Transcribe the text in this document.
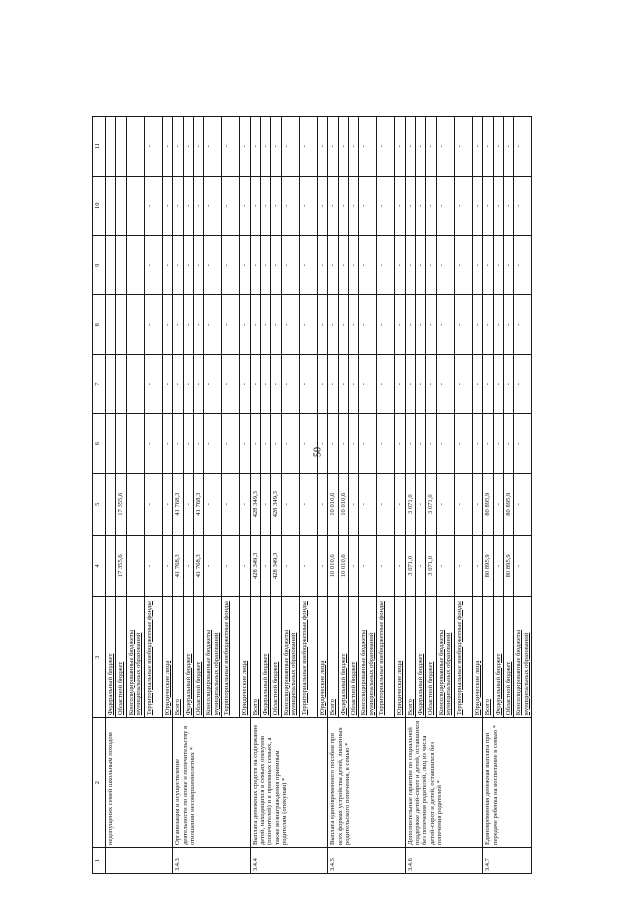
50
1	2	3	4	5	6	7	8	9	10	11
	недопущених семей школьным походом	Федеральный бюджет								
		Областной бюджет	17 355,6	17 355,6						
		Консолидированные бюджеты муниципальных образований								
		Территориальные внебюджетные фонды	-	-	-	-	-	-	-	-
		Юридические лица	-	-	-	-	-	-	-	-
3.4.3	Организация и осуществление деятельности по опеке и попечительству в отношении несовершеннолетних *	Всего	41 768,3	41 768,3	-	-	-	-	-	-
		Федеральный бюджет	-	-	-	-	-	-	-	-
		Областной бюджет	41 768,3	41 768,3	-	-	-	-	-	-
		Консолидированные бюджеты муниципальных образований	-	-	-	-	-	-	-	-
		Территориальные внебюджетные фонды	-	-	-	-	-	-	-	-
		Юридические лица	-	-	-	-	-	-	-	-
3.4.4	Выплата денежных средств на содержание детей, находящихся в семьях опекунов (попечителей) и в приемных семьях, а также вознаграждения приемным родителям (опекунам) *	Всего	428 349,3	428 349,3	-	-	-	-	-	-
		Федеральный бюджет	-	-	-	-	-	-	-	-
		Областной бюджет	428 349,3	428 349,3	-	-	-	-	-	-
		Консолидированные бюджеты муниципальных образований	-	-	-	-	-	-	-	-
		Территориальные внебюджетные фонды	-	-	-	-	-	-	-	-
		Юридические лица	-	-	-	-	-	-	-	-
3.4.5	Выплата единовременного пособия при всех формах устройства детей, лишенных родительского попечения, в семью *	Всего	10 010,6	10 010,6	-	-	-	-	-	-
		Федеральный бюджет	10 010,6	10 010,6	-	-	-	-	-	-
		Областной бюджет	-	-	-	-	-	-	-	-
		Консолидированные бюджеты муниципальных образований	-	-	-	-	-	-	-	-
		Территориальные внебюджетные фонды	-	-	-	-	-	-	-	-
		Юридические лица	-	-	-	-	-	-	-	-
3.4.6	Дополнительные гарантии по социальной поддержке детей-сирот и детей, оставшихся без попечения родителей, лиц из числа детей-сирот и детей, оставшихся без попечения родителей *	Всего	3 071,0	3 071,0	-	-	-	-	-	-
		Федеральный бюджет	-	-	-	-	-	-	-	-
		Областной бюджет	3 071,0	3 071,0	-	-	-	-	-	-
		Консолидированные бюджеты муниципальных образований	-	-	-	-	-	-	-	-
		Территориальные внебюджетные фонды	-	-	-	-	-	-	-	-
		Юридические лица	-	-	-	-	-	-	-	-
3.4.7	Единовременная денежная выплата при передаче ребенка на воспитание в семью *	Всего	80 895,9	80 895,9	-	-	-	-	-	-
		Федеральный бюджет	-	-	-	-	-	-	-	-
		Областной бюджет	80 895,9	80 895,9	-	-	-	-	-	-
		Консолидированные бюджеты муниципальных образований	-	-	-	-	-	-	-	-
